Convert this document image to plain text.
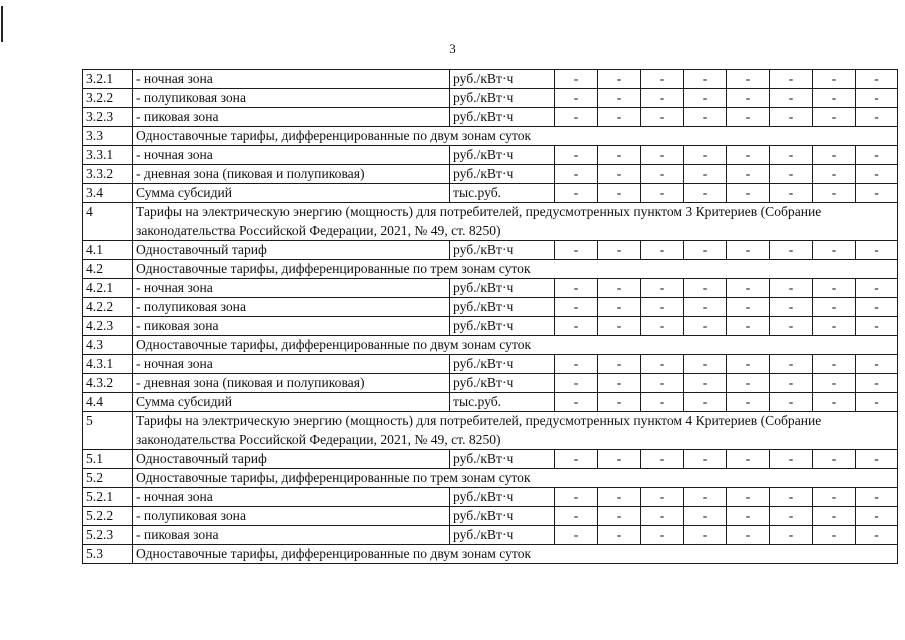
3
3.2.1	- ночная зона	руб./кВт·ч	-	-	-	-	-	-	-	-
3.2.2	- полупиковая зона	руб./кВт·ч	-	-	-	-	-	-	-	-
3.2.3	- пиковая зона	руб./кВт·ч	-	-	-	-	-	-	-	-
3.3	Одноставочные тарифы, дифференцированные по двум зонам суток									
3.3.1	- ночная зона	руб./кВт·ч	-	-	-	-	-	-	-	-
3.3.2	- дневная зона (пиковая и полупиковая)	руб./кВт·ч	-	-	-	-	-	-	-	-
3.4	Сумма субсидий	тыс.руб.	-	-	-	-	-	-	-	-
4	Тарифы на электрическую энергию (мощность) для потребителей, предусмотренных пунктом 3 Критериев (Собрание законодательства Российской Федерации, 2021, № 49, ст. 8250)									
4.1	Одноставочный тариф	руб./кВт·ч	-	-	-	-	-	-	-	-
4.2	Одноставочные тарифы, дифференцированные по трем зонам суток									
4.2.1	- ночная зона	руб./кВт·ч	-	-	-	-	-	-	-	-
4.2.2	- полупиковая зона	руб./кВт·ч	-	-	-	-	-	-	-	-
4.2.3	- пиковая зона	руб./кВт·ч	-	-	-	-	-	-	-	-
4.3	Одноставочные тарифы, дифференцированные по двум зонам суток									
4.3.1	- ночная зона	руб./кВт·ч	-	-	-	-	-	-	-	-
4.3.2	- дневная зона (пиковая и полупиковая)	руб./кВт·ч	-	-	-	-	-	-	-	-
4.4	Сумма субсидий	тыс.руб.	-	-	-	-	-	-	-	-
5	Тарифы на электрическую энергию (мощность) для потребителей, предусмотренных пунктом 4 Критериев (Собрание законодательства Российской Федерации, 2021, № 49, ст. 8250)									
5.1	Одноставочный тариф	руб./кВт·ч	-	-	-	-	-	-	-	-
5.2	Одноставочные тарифы, дифференцированные по трем зонам суток									
5.2.1	- ночная зона	руб./кВт·ч	-	-	-	-	-	-	-	-
5.2.2	- полупиковая зона	руб./кВт·ч	-	-	-	-	-	-	-	-
5.2.3	- пиковая зона	руб./кВт·ч	-	-	-	-	-	-	-	-
5.3	Одноставочные тарифы, дифференцированные по двум зонам суток									
